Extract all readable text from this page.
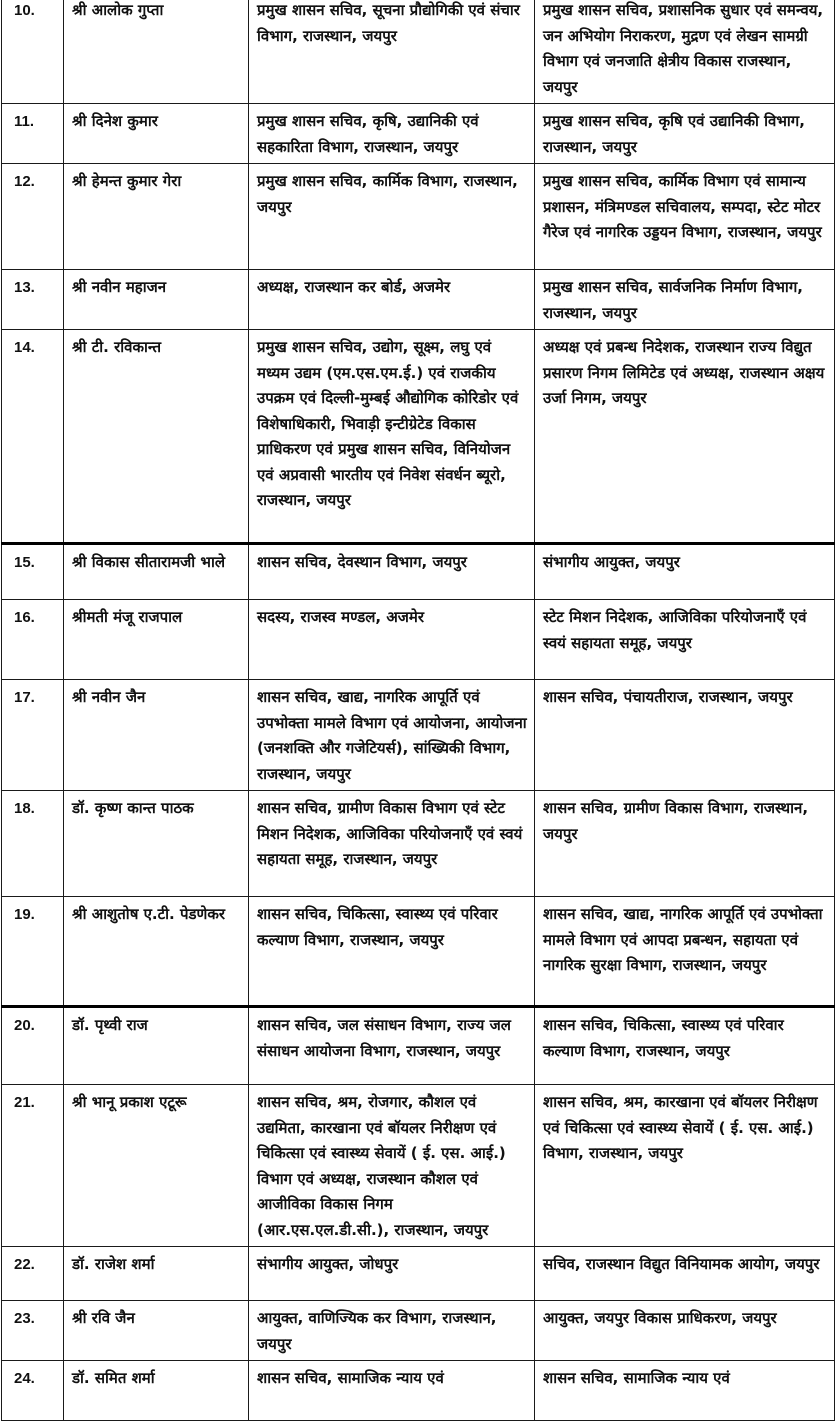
10.	श्री आलोक गुप्ता	प्रमुख शासन सचिव, सूचना प्रौद्योगिकी एवं संचार विभाग, राजस्थान, जयपुर	प्रमुख शासन सचिव, प्रशासनिक सुधार एवं समन्वय, जन अभियोग निराकरण, मुद्रण एवं लेखन सामग्री विभाग एवं जनजाति क्षेत्रीय विकास राजस्थान, जयपुर
11.	श्री दिनेश कुमार	प्रमुख शासन सचिव, कृषि, उद्यानिकी एवं सहकारिता विभाग, राजस्थान, जयपुर	प्रमुख शासन सचिव, कृषि एवं उद्यानिकी विभाग, राजस्थान, जयपुर
12.	श्री हेमन्त कुमार गेरा	प्रमुख शासन सचिव, कार्मिक विभाग, राजस्थान, जयपुर	प्रमुख शासन सचिव, कार्मिक विभाग एवं सामान्य प्रशासन, मंत्रिमण्डल सचिवालय, सम्पदा, स्टेट मोटर गैरेज एवं नागरिक उड्डयन विभाग, राजस्थान, जयपुर
13.	श्री नवीन महाजन	अध्यक्ष, राजस्थान कर बोर्ड, अजमेर	प्रमुख शासन सचिव, सार्वजनिक निर्माण विभाग, राजस्थान, जयपुर
14.	श्री टी. रविकान्त	प्रमुख शासन सचिव, उद्योग, सूक्ष्म, लघु एवं मध्यम उद्यम (एम.एस.एम.ई.) एवं राजकीय उपक्रम एवं दिल्ली-मुम्बई औद्योगिक कोरिडोर एवं विशेषाधिकारी, भिवाड़ी इन्टीग्रेटेड विकास प्राधिकरण एवं प्रमुख शासन सचिव, विनियोजन एवं अप्रवासी भारतीय एवं निवेश संवर्धन ब्यूरो, राजस्थान, जयपुर	अध्यक्ष एवं प्रबन्ध निदेशक, राजस्थान राज्य विद्युत प्रसारण निगम लिमिटेड एवं अध्यक्ष, राजस्थान अक्षय उर्जा निगम, जयपुर
15.	श्री विकास सीतारामजी भाले	शासन सचिव, देवस्थान विभाग, जयपुर	संभागीय आयुक्त, जयपुर
16.	श्रीमती मंजू राजपाल	सदस्य, राजस्व मण्डल, अजमेर	स्टेट मिशन निदेशक, आजिविका परियोजनाएँ एवं स्वयं सहायता समूह, जयपुर
17.	श्री नवीन जैन	शासन सचिव, खाद्य, नागरिक आपूर्ति एवं उपभोक्ता मामले विभाग एवं आयोजना, आयोजना (जनशक्ति और गजेटियर्स), सांख्यिकी विभाग, राजस्थान, जयपुर	शासन सचिव, पंचायतीराज, राजस्थान, जयपुर
18.	डॉ. कृष्ण कान्त पाठक	शासन सचिव, ग्रामीण विकास विभाग एवं स्टेट मिशन निदेशक, आजिविका परियोजनाएँ एवं स्वयं सहायता समूह, राजस्थान, जयपुर	शासन सचिव, ग्रामीण विकास विभाग, राजस्थान, जयपुर
19.	श्री आशुतोष ए.टी. पेडणेकर	शासन सचिव, चिकित्सा, स्वास्थ्य एवं परिवार कल्याण विभाग, राजस्थान, जयपुर	शासन सचिव, खाद्य, नागरिक आपूर्ति एवं उपभोक्ता मामले विभाग एवं आपदा प्रबन्धन, सहायता एवं नागरिक सुरक्षा विभाग, राजस्थान, जयपुर
20.	डॉ. पृथ्वी राज	शासन सचिव, जल संसाधन विभाग, राज्य जल संसाधन आयोजना विभाग, राजस्थान, जयपुर	शासन सचिव, चिकित्सा, स्वास्थ्य एवं परिवार कल्याण विभाग, राजस्थान, जयपुर
21.	श्री भानू प्रकाश एटूरू	शासन सचिव, श्रम, रोजगार, कौशल एवं उद्यमिता, कारखाना एवं बॉयलर निरीक्षण एवं चिकित्सा एवं स्वास्थ्य सेवायें ( ई. एस. आई.) विभाग एवं अध्यक्ष, राजस्थान कौशल एवं आजीविका विकास निगम (आर.एस.एल.डी.सी.), राजस्थान, जयपुर	शासन सचिव, श्रम, कारखाना एवं बॉयलर निरीक्षण एवं चिकित्सा एवं स्वास्थ्य सेवायें ( ई. एस. आई.) विभाग, राजस्थान, जयपुर
22.	डॉ. राजेश शर्मा	संभागीय आयुक्त, जोधपुर	सचिव, राजस्थान विद्युत विनियामक आयोग, जयपुर
23.	श्री रवि जैन	आयुक्त, वाणिज्यिक कर विभाग, राजस्थान, जयपुर	आयुक्त, जयपुर विकास प्राधिकरण, जयपुर
24.	डॉ. समित शर्मा	शासन सचिव, सामाजिक न्याय एवं	शासन सचिव, सामाजिक न्याय एवं
